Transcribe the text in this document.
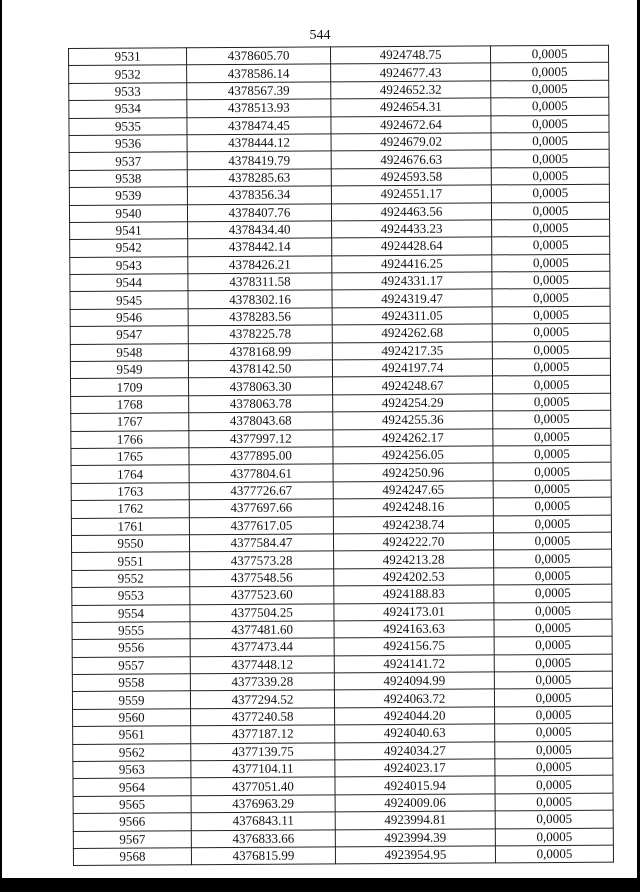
544
9531	4378605.70	4924748.75	0,0005
9532	4378586.14	4924677.43	0,0005
9533	4378567.39	4924652.32	0,0005
9534	4378513.93	4924654.31	0,0005
9535	4378474.45	4924672.64	0,0005
9536	4378444.12	4924679.02	0,0005
9537	4378419.79	4924676.63	0,0005
9538	4378285.63	4924593.58	0,0005
9539	4378356.34	4924551.17	0,0005
9540	4378407.76	4924463.56	0,0005
9541	4378434.40	4924433.23	0,0005
9542	4378442.14	4924428.64	0,0005
9543	4378426.21	4924416.25	0,0005
9544	4378311.58	4924331.17	0,0005
9545	4378302.16	4924319.47	0,0005
9546	4378283.56	4924311.05	0,0005
9547	4378225.78	4924262.68	0,0005
9548	4378168.99	4924217.35	0,0005
9549	4378142.50	4924197.74	0,0005
1709	4378063.30	4924248.67	0,0005
1768	4378063.78	4924254.29	0,0005
1767	4378043.68	4924255.36	0,0005
1766	4377997.12	4924262.17	0,0005
1765	4377895.00	4924256.05	0,0005
1764	4377804.61	4924250.96	0,0005
1763	4377726.67	4924247.65	0,0005
1762	4377697.66	4924248.16	0,0005
1761	4377617.05	4924238.74	0,0005
9550	4377584.47	4924222.70	0,0005
9551	4377573.28	4924213.28	0,0005
9552	4377548.56	4924202.53	0,0005
9553	4377523.60	4924188.83	0,0005
9554	4377504.25	4924173.01	0,0005
9555	4377481.60	4924163.63	0,0005
9556	4377473.44	4924156.75	0,0005
9557	4377448.12	4924141.72	0,0005
9558	4377339.28	4924094.99	0,0005
9559	4377294.52	4924063.72	0,0005
9560	4377240.58	4924044.20	0,0005
9561	4377187.12	4924040.63	0,0005
9562	4377139.75	4924034.27	0,0005
9563	4377104.11	4924023.17	0,0005
9564	4377051.40	4924015.94	0,0005
9565	4376963.29	4924009.06	0,0005
9566	4376843.11	4923994.81	0,0005
9567	4376833.66	4923994.39	0,0005
9568	4376815.99	4923954.95	0,0005
